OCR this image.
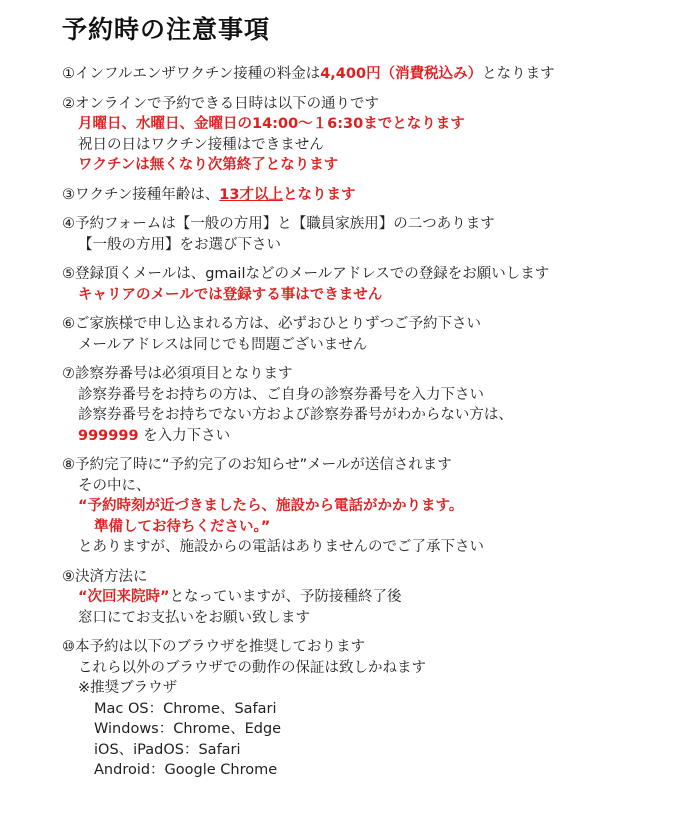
予約時の注意事項
①インフルエンザワクチン接種の料金は4,400円（消費税込み）となります
②オンラインで予約できる日時は以下の通りです
月曜日、水曜日、金曜日の14:00～１6:30までとなります
祝日の日はワクチン接種はできません
ワクチンは無くなり次第終了となります
③ワクチン接種年齢は、13才以上となります
④予約フォームは【一般の方用】と【職員家族用】の二つあります
【一般の方用】をお選び下さい
⑤登録頂くメールは、gmailなどのメールアドレスでの登録をお願いします
キャリアのメールでは登録する事はできません
⑥ご家族様で申し込まれる方は、必ずおひとりずつご予約下さい
メールアドレスは同じでも問題ございません
⑦診察券番号は必須項目となります
診察券番号をお持ちの方は、ご自身の診察券番号を入力下さい
診察券番号をお持ちでない方および診察券番号がわからない方は、
999999 を入力下さい
⑧予約完了時に“予約完了のお知らせ”メールが送信されます
その中に、
“予約時刻が近づきましたら、施設から電話がかかります。
準備してお待ちください。”
とありますが、施設からの電話はありませんのでご了承下さい
⑨決済方法に
“次回来院時”となっていますが、予防接種終了後
窓口にてお支払いをお願い致します
⑩本予約は以下のブラウザを推奨しております
これら以外のブラウザでの動作の保証は致しかねます
※推奨ブラウザ
Mac OS：Chrome、Safari
Windows：Chrome、Edge
iOS、iPadOS：Safari
Android：Google Chrome
